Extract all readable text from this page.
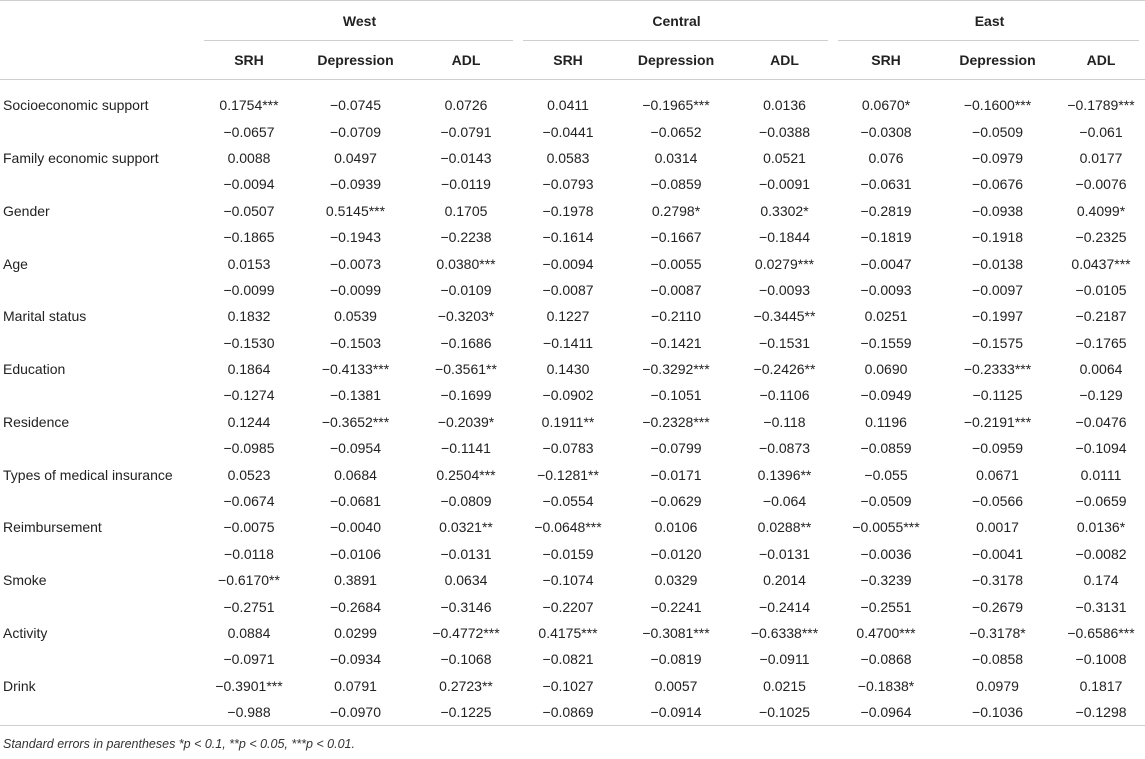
	West			Central			East		

	SRH	Depression	ADL	SRH	Depression	ADL	SRH	Depression	ADL
Socioeconomic support	0.1754***	−0.0745	0.0726	0.0411	−0.1965***	0.0136	0.0670*	−0.1600***	−0.1789***
	−0.0657	−0.0709	−0.0791	−0.0441	−0.0652	−0.0388	−0.0308	−0.0509	−0.061
Family economic support	0.0088	0.0497	−0.0143	0.0583	0.0314	0.0521	0.076	−0.0979	0.0177
	−0.0094	−0.0939	−0.0119	−0.0793	−0.0859	−0.0091	−0.0631	−0.0676	−0.0076
Gender	−0.0507	0.5145***	0.1705	−0.1978	0.2798*	0.3302*	−0.2819	−0.0938	0.4099*
	−0.1865	−0.1943	−0.2238	−0.1614	−0.1667	−0.1844	−0.1819	−0.1918	−0.2325
Age	0.0153	−0.0073	0.0380***	−0.0094	−0.0055	0.0279***	−0.0047	−0.0138	0.0437***
	−0.0099	−0.0099	−0.0109	−0.0087	−0.0087	−0.0093	−0.0093	−0.0097	−0.0105
Marital status	0.1832	0.0539	−0.3203*	0.1227	−0.2110	−0.3445**	0.0251	−0.1997	−0.2187
	−0.1530	−0.1503	−0.1686	−0.1411	−0.1421	−0.1531	−0.1559	−0.1575	−0.1765
Education	0.1864	−0.4133***	−0.3561**	0.1430	−0.3292***	−0.2426**	0.0690	−0.2333***	0.0064
	−0.1274	−0.1381	−0.1699	−0.0902	−0.1051	−0.1106	−0.0949	−0.1125	−0.129
Residence	0.1244	−0.3652***	−0.2039*	0.1911**	−0.2328***	−0.118	0.1196	−0.2191***	−0.0476
	−0.0985	−0.0954	−0.1141	−0.0783	−0.0799	−0.0873	−0.0859	−0.0959	−0.1094
Types of medical insurance	0.0523	0.0684	0.2504***	−0.1281**	−0.0171	0.1396**	−0.055	0.0671	0.0111
	−0.0674	−0.0681	−0.0809	−0.0554	−0.0629	−0.064	−0.0509	−0.0566	−0.0659
Reimbursement	−0.0075	−0.0040	0.0321**	−0.0648***	0.0106	0.0288**	−0.0055***	0.0017	0.0136*
	−0.0118	−0.0106	−0.0131	−0.0159	−0.0120	−0.0131	−0.0036	−0.0041	−0.0082
Smoke	−0.6170**	0.3891	0.0634	−0.1074	0.0329	0.2014	−0.3239	−0.3178	0.174
	−0.2751	−0.2684	−0.3146	−0.2207	−0.2241	−0.2414	−0.2551	−0.2679	−0.3131
Activity	0.0884	0.0299	−0.4772***	0.4175***	−0.3081***	−0.6338***	0.4700***	−0.3178*	−0.6586***
	−0.0971	−0.0934	−0.1068	−0.0821	−0.0819	−0.0911	−0.0868	−0.0858	−0.1008
Drink	−0.3901***	0.0791	0.2723**	−0.1027	0.0057	0.0215	−0.1838*	0.0979	0.1817
	−0.988	−0.0970	−0.1225	−0.0869	−0.0914	−0.1025	−0.0964	−0.1036	−0.1298
Standard errors in parentheses *p < 0.1, **p < 0.05, ***p < 0.01.
